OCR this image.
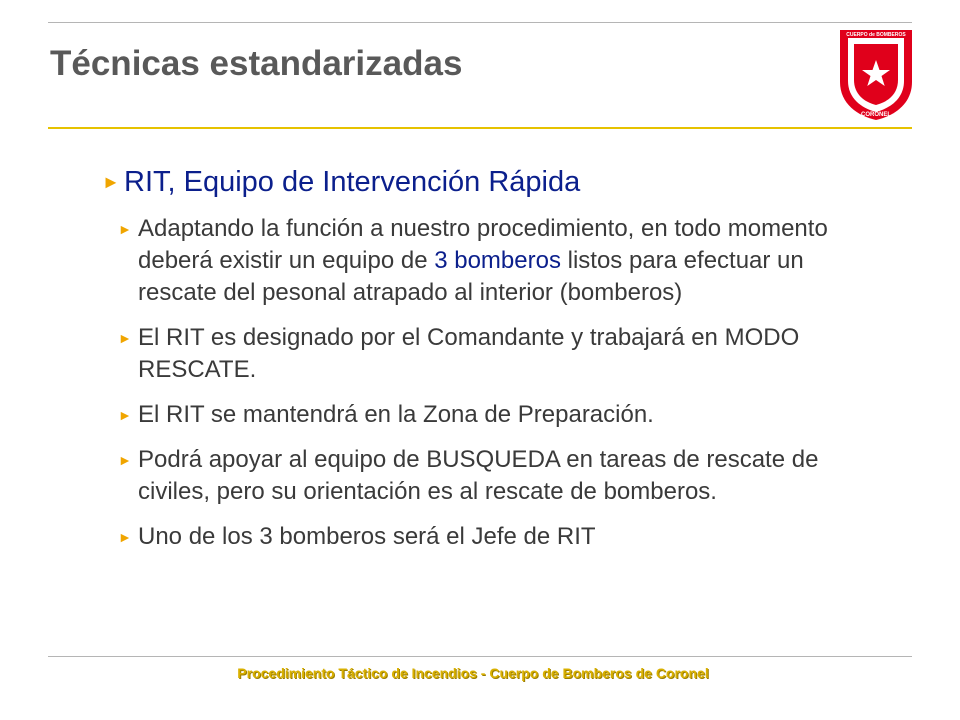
Técnicas estandarizadas
CUERPO de BOMBEROS
CORONEL
► RIT, Equipo de Intervención Rápida
► Adaptando la función a nuestro procedimiento, en todo momento deberá existir un equipo de 3 bomberos listos para efectuar un rescate del pesonal atrapado al interior (bomberos)
► El RIT es designado por el Comandante y trabajará en MODO RESCATE.
► El RIT se mantendrá en la Zona de Preparación.
► Podrá apoyar al equipo de BUSQUEDA en tareas de rescate de civiles, pero su orientación es al rescate de bomberos.
► Uno de los 3 bomberos será el Jefe de RIT
Procedimiento Táctico de Incendios - Cuerpo de Bomberos de Coronel
